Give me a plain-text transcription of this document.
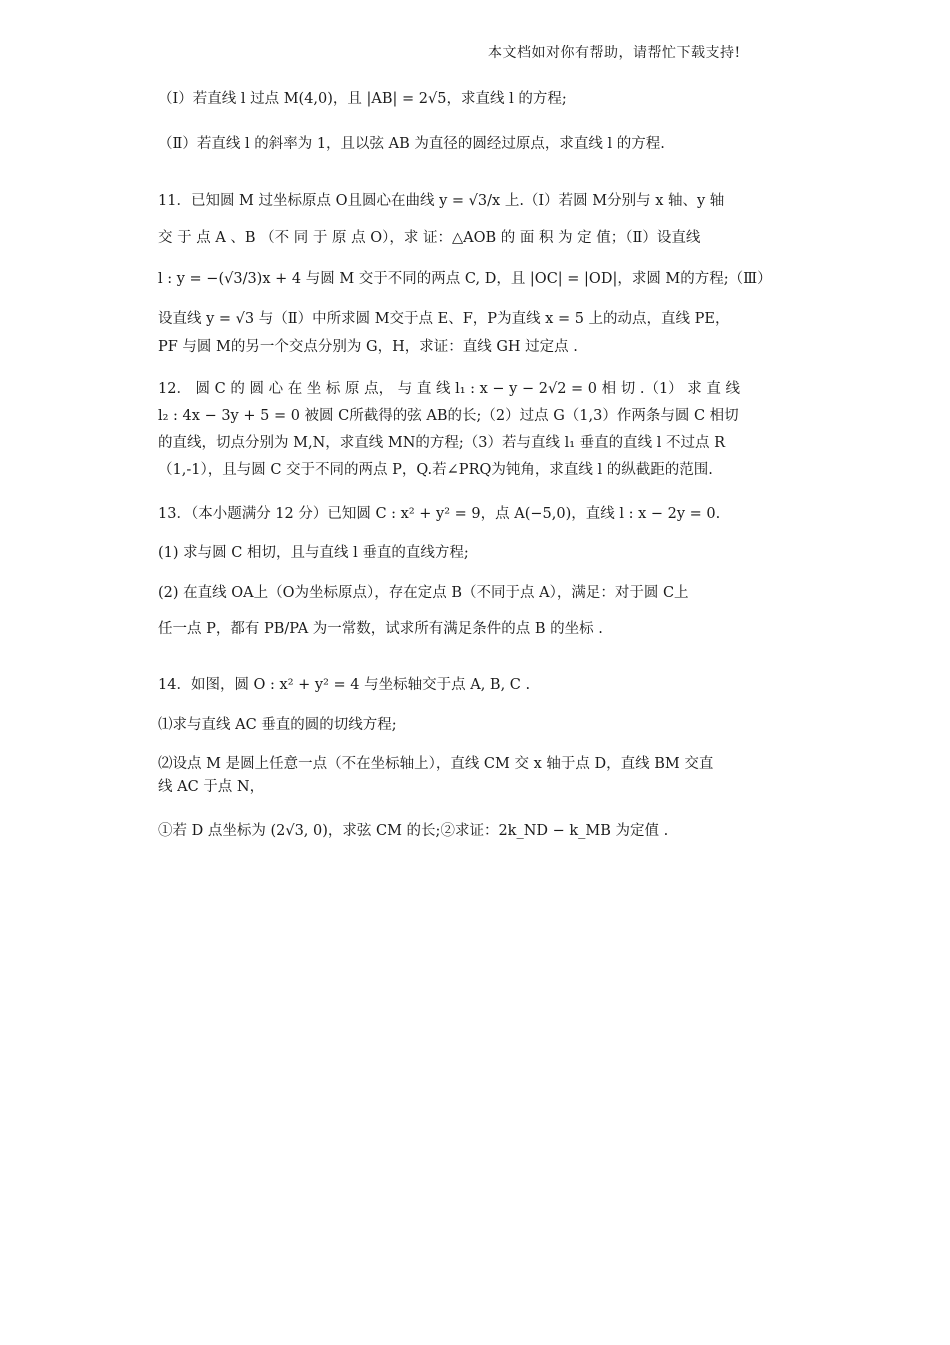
本文档如对你有帮助，请帮忙下载支持!
（Ⅰ）若直线 l 过点 M(4,0)，且 |AB| = 2√5，求直线 l 的方程;
（Ⅱ）若直线 l 的斜率为 1，且以弦 AB 为直径的圆经过原点，求直线 l 的方程.
11．已知圆 M 过坐标原点 O且圆心在曲线 y = √3/x 上.（Ⅰ）若圆 M分别与 x 轴、y 轴
交 于 点 A 、B （不 同 于 原 点 O），求 证：△AOB 的 面 积 为 定 值；（Ⅱ）设直线
l : y = −(√3/3)x + 4 与圆 M 交于不同的两点 C, D，且 |OC| = |OD|，求圆 M的方程;（Ⅲ）
设直线 y = √3 与（Ⅱ）中所求圆 M交于点 E、F，P为直线 x = 5 上的动点，直线 PE，
PF 与圆 M的另一个交点分别为 G，H，求证：直线 GH 过定点 .
12． 圆 C 的 圆 心 在 坐 标 原 点， 与 直 线 l₁ : x − y − 2√2 = 0 相 切 .（1） 求 直 线
l₂ : 4x − 3y + 5 = 0 被圆 C所截得的弦 AB的长;（2）过点 G（1,3）作两条与圆 C 相切
的直线，切点分别为 M,N，求直线 MN的方程;（3）若与直线 l₁ 垂直的直线 l 不过点 R
（1,-1），且与圆 C 交于不同的两点 P，Q.若∠PRQ为钝角，求直线 l 的纵截距的范围.
13．（本小题满分 12 分）已知圆 C : x² + y² = 9，点 A(−5,0)，直线 l : x − 2y = 0.
(1) 求与圆 C 相切，且与直线 l 垂直的直线方程;
(2) 在直线 OA上（O为坐标原点），存在定点 B（不同于点 A），满足：对于圆 C上
任一点 P，都有 PB/PA 为一常数，试求所有满足条件的点 B 的坐标 .
14．如图，圆 O : x² + y² = 4 与坐标轴交于点 A, B, C .
⑴求与直线 AC 垂直的圆的切线方程;
⑵设点 M 是圆上任意一点（不在坐标轴上），直线 CM 交 x 轴于点 D，直线 BM 交直
线 AC 于点 N，
①若 D 点坐标为 (2√3, 0)，求弦 CM 的长;②求证：2k_ND − k_MB 为定值 .
